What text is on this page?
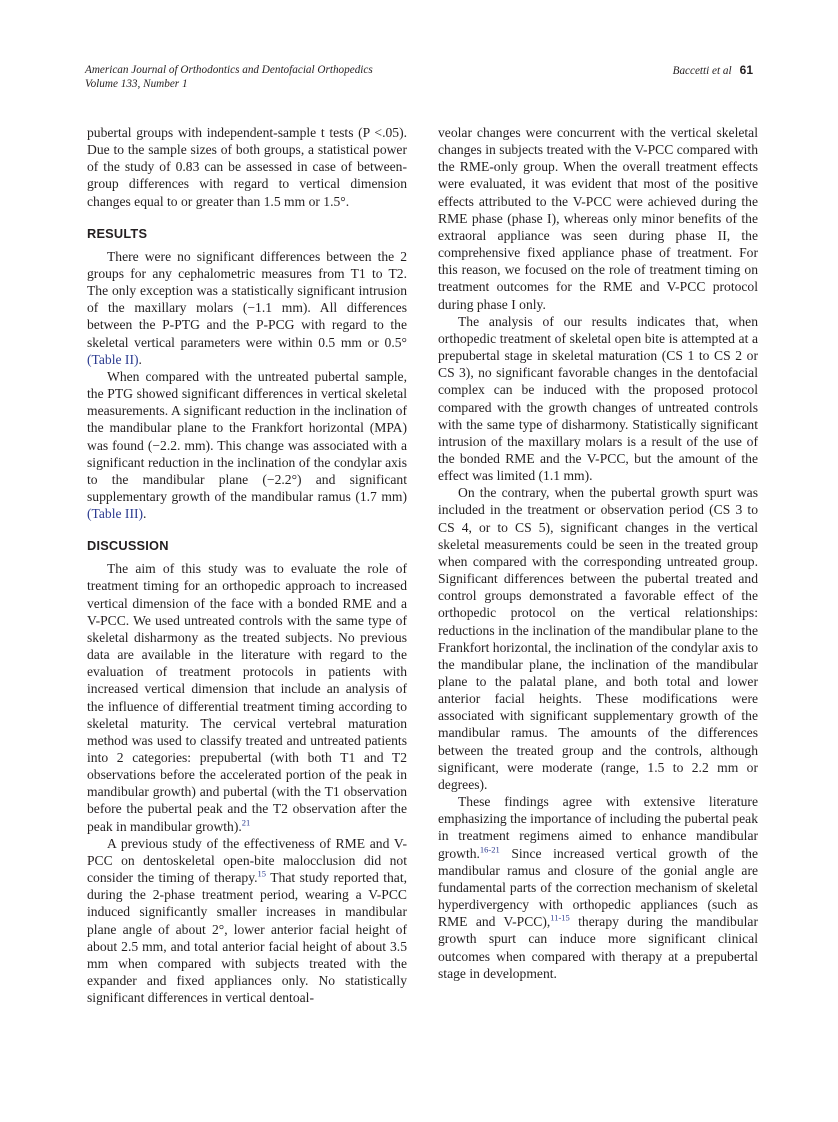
American Journal of Orthodontics and Dentofacial Orthopedics
Volume 133, Number 1
Baccetti et al 61

pubertal groups with independent-sample t tests (P <.05). Due to the sample sizes of both groups, a statistical power of the study of 0.83 can be assessed in case of between-group differences with regard to vertical dimension changes equal to or greater than 1.5 mm or 1.5°.

RESULTS

There were no significant differences between the 2 groups for any cephalometric measures from T1 to T2. The only exception was a statistically significant intrusion of the maxillary molars (−1.1 mm). All differences between the P-PTG and the P-PCG with regard to the skeletal vertical parameters were within 0.5 mm or 0.5° (Table II).

When compared with the untreated pubertal sample, the PTG showed significant differences in vertical skeletal measurements. A significant reduction in the inclination of the mandibular plane to the Frankfort horizontal (MPA) was found (−2.2. mm). This change was associated with a significant reduction in the inclination of the condylar axis to the mandibular plane (−2.2°) and significant supplementary growth of the mandibular ramus (1.7 mm) (Table III).

DISCUSSION

The aim of this study was to evaluate the role of treatment timing for an orthopedic approach to increased vertical dimension of the face with a bonded RME and a V-PCC. We used untreated controls with the same type of skeletal disharmony as the treated subjects. No previous data are available in the literature with regard to the evaluation of treatment protocols in patients with increased vertical dimension that include an analysis of the influence of differential treatment timing according to skeletal maturity. The cervical vertebral maturation method was used to classify treated and untreated patients into 2 categories: prepubertal (with both T1 and T2 observations before the accelerated portion of the peak in mandibular growth) and pubertal (with the T1 observation before the pubertal peak and the T2 observation after the peak in mandibular growth).$^{21}$

A previous study of the effectiveness of RME and V-PCC on dentoskeletal open-bite malocclusion did not consider the timing of therapy.$^{15}$ That study reported that, during the 2-phase treatment period, wearing a V-PCC induced significantly smaller increases in mandibular plane angle of about 2°, lower anterior facial height of about 2.5 mm, and total anterior facial height of about 3.5 mm when compared with subjects treated with the expander and fixed appliances only. No statistically significant differences in vertical dentoal-

veolar changes were concurrent with the vertical skeletal changes in subjects treated with the V-PCC compared with the RME-only group. When the overall treatment effects were evaluated, it was evident that most of the positive effects attributed to the V-PCC were achieved during the RME phase (phase I), whereas only minor benefits of the extraoral appliance was seen during phase II, the comprehensive fixed appliance phase of treatment. For this reason, we focused on the role of treatment timing on treatment outcomes for the RME and V-PCC protocol during phase I only.

The analysis of our results indicates that, when orthopedic treatment of skeletal open bite is attempted at a prepubertal stage in skeletal maturation (CS 1 to CS 2 or CS 3), no significant favorable changes in the dentofacial complex can be induced with the proposed protocol compared with the growth changes of untreated controls with the same type of disharmony. Statistically significant intrusion of the maxillary molars is a result of the use of the bonded RME and the V-PCC, but the amount of the effect was limited (1.1 mm).

On the contrary, when the pubertal growth spurt was included in the treatment or observation period (CS 3 to CS 4, or to CS 5), significant changes in the vertical skeletal measurements could be seen in the treated group when compared with the corresponding untreated group. Significant differences between the pubertal treated and control groups demonstrated a favorable effect of the orthopedic protocol on the vertical relationships: reductions in the inclination of the mandibular plane to the Frankfort horizontal, the inclination of the condylar axis to the mandibular plane, the inclination of the mandibular plane to the palatal plane, and both total and lower anterior facial heights. These modifications were associated with significant supplementary growth of the mandibular ramus. The amounts of the differences between the treated group and the controls, although significant, were moderate (range, 1.5 to 2.2 mm or degrees).

These findings agree with extensive literature emphasizing the importance of including the pubertal peak in treatment regimens aimed to enhance mandibular growth.$^{16-21}$ Since increased vertical growth of the mandibular ramus and closure of the gonial angle are fundamental parts of the correction mechanism of skeletal hyperdivergency with orthopedic appliances (such as RME and V-PCC),$^{11-15}$ therapy during the mandibular growth spurt can induce more significant clinical outcomes when compared with therapy at a prepubertal stage in development.
